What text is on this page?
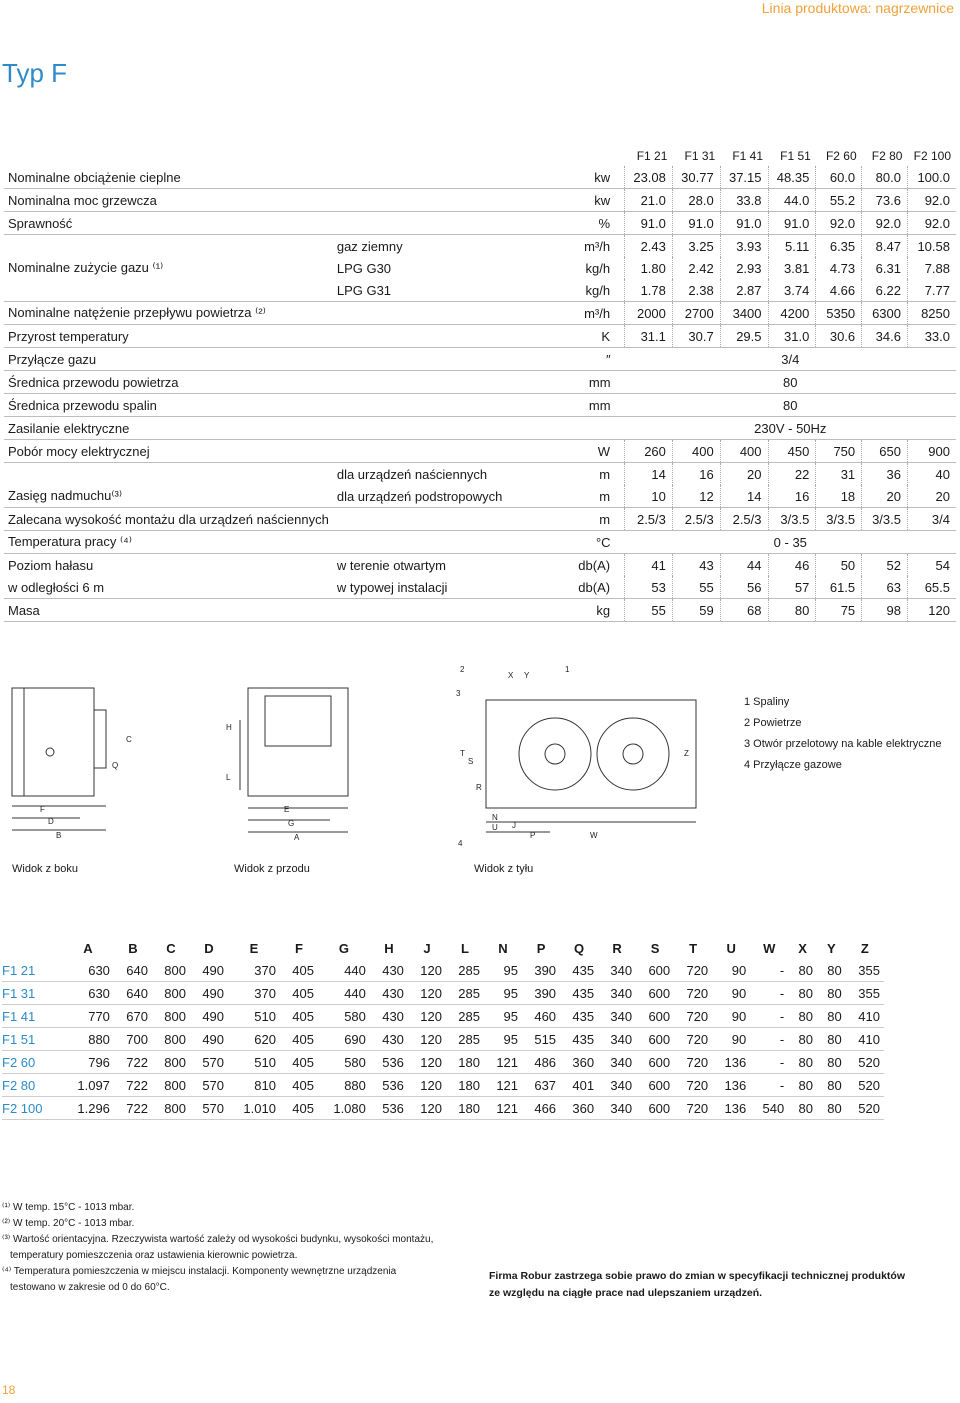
Linia produktowa: nagrzewnice
Typ F
			F1 21	F1 31	F1 41	F1 51	F2 60	F2 80	F2 100
Nominalne obciążenie cieplne		kw	23.08	30.77	37.15	48.35	60.0	80.0	100.0
Nominalna moc grzewcza		kw	21.0	28.0	33.8	44.0	55.2	73.6	92.0
Sprawność		%	91.0	91.0	91.0	91.0	92.0	92.0	92.0
	gaz ziemny	m³/h	2.43	3.25	3.93	5.11	6.35	8.47	10.58
Nominalne zużycie gazu ⁽¹⁾	LPG G30	kg/h	1.80	2.42	2.93	3.81	4.73	6.31	7.88
	LPG G31	kg/h	1.78	2.38	2.87	3.74	4.66	6.22	7.77
Nominalne natężenie przepływu powietrza ⁽²⁾		m³/h	2000	2700	3400	4200	5350	6300	8250
Przyrost temperatury		K	31.1	30.7	29.5	31.0	30.6	34.6	33.0
Przyłącze gazu		″	3/4						
Średnica przewodu powietrza		mm	80						
Średnica przewodu spalin		mm	80						
Zasilanie elektryczne			230V - 50Hz						
Pobór mocy elektrycznej		W	260	400	400	450	750	650	900
	dla urządzeń naściennych	m	14	16	20	22	31	36	40
Zasięg nadmuchu⁽³⁾	dla urządzeń podstropowych	m	10	12	14	16	18	20	20
Zalecana wysokość montażu dla urządzeń naściennych		m	2.5/3	2.5/3	2.5/3	3/3.5	3/3.5	3/3.5	3/4
Temperatura pracy ⁽⁴⁾		°C	0 - 35						
Poziom hałasu	w terenie otwartym	db(A)	41	43	44	46	50	52	54
w odległości 6 m	w typowej instalacji	db(A)	53	55	56	57	61.5	63	65.5
Masa		kg	55	59	68	80	75	98	120
2
X Y
1
3
H
C
Q
L
T
S
R
Z
F
D
B
E
G
A
N
U J
P	W
4
1 Spaliny
2 Powietrze
3 Otwór przelotowy na kable elektryczne
4 Przyłącze gazowe
Widok z boku	Widok z przodu	Widok z tyłu
	A	B	C	D	E	F	G	H	J	L	N	P	Q	R	S	T	U	W	X	Y	Z
F1 21	630	640	800	490	370	405	440	430	120	285	95	390	435	340	600	720	90	-	80	80	355
F1 31	630	640	800	490	370	405	440	430	120	285	95	390	435	340	600	720	90	-	80	80	355
F1 41	770	670	800	490	510	405	580	430	120	285	95	460	435	340	600	720	90	-	80	80	410
F1 51	880	700	800	490	620	405	690	430	120	285	95	515	435	340	600	720	90	-	80	80	410
F2 60	796	722	800	570	510	405	580	536	120	180	121	486	360	340	600	720	136	-	80	80	520
F2 80	1.097	722	800	570	810	405	880	536	120	180	121	637	401	340	600	720	136	-	80	80	520
F2 100	1.296	722	800	570	1.010	405	1.080	536	120	180	121	466	360	340	600	720	136	540	80	80	520
⁽¹⁾ W temp. 15°C - 1013 mbar.
⁽²⁾ W temp. 20°C - 1013 mbar.
⁽³⁾ Wartość orientacyjna. Rzeczywista wartość zależy od wysokości budynku, wysokości montażu,
temperatury pomieszczenia oraz ustawienia kierownic powietrza.
⁽⁴⁾ Temperatura pomieszczenia w miejscu instalacji. Komponenty wewnętrzne urządzenia
testowano w zakresie od 0 do 60°C.
Firma Robur zastrzega sobie prawo do zmian w specyfikacji technicznej produktów
ze względu na ciągłe prace nad ulepszaniem urządzeń.
18
